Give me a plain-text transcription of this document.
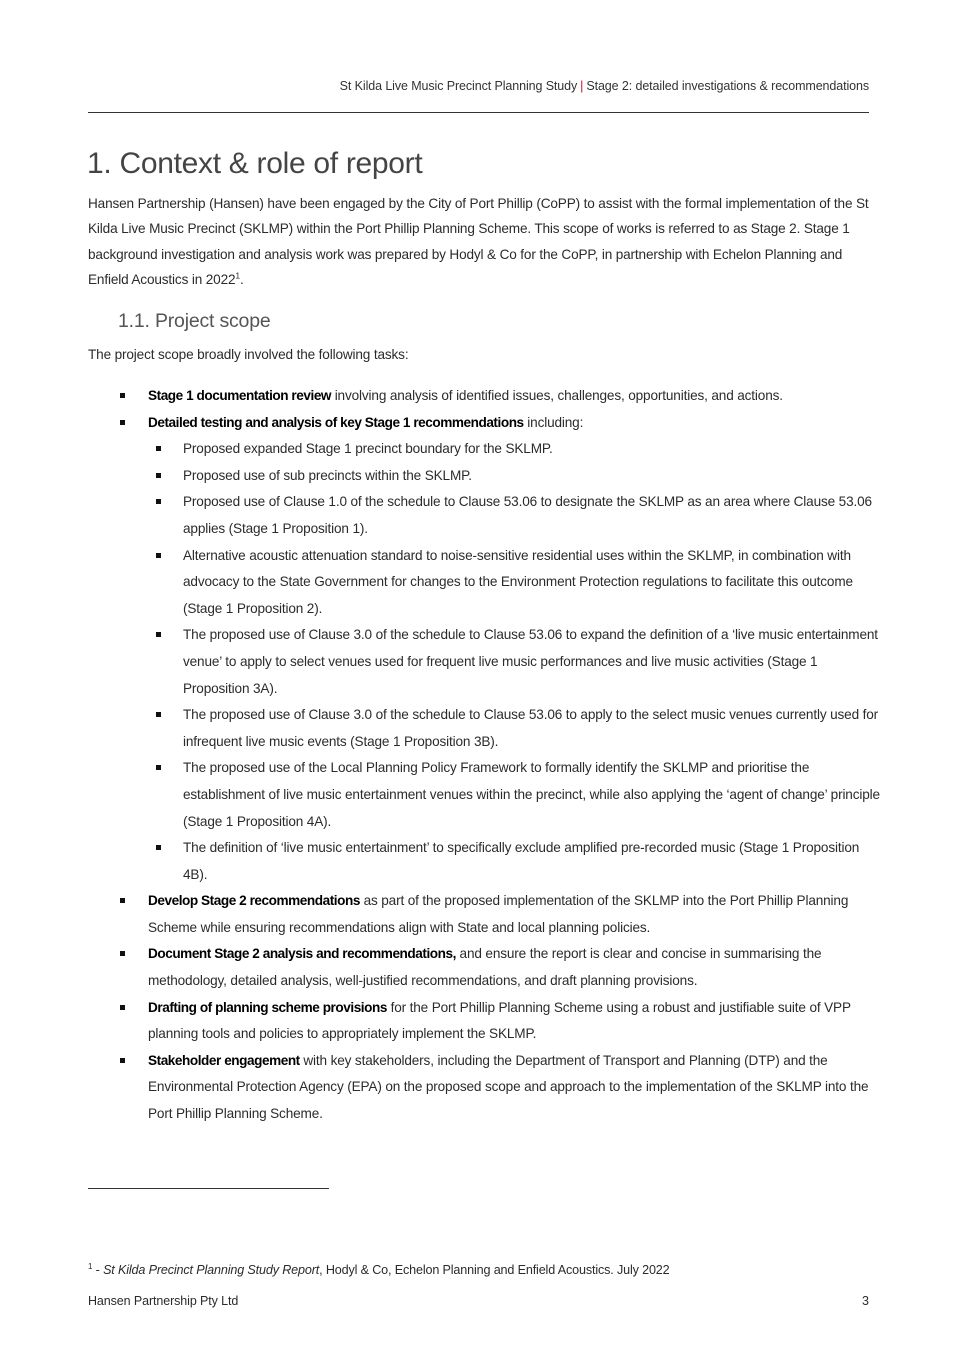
St Kilda Live Music Precinct Planning Study | Stage 2: detailed investigations & recommendations
1. Context & role of report

Hansen Partnership (Hansen) have been engaged by the City of Port Phillip (CoPP) to assist with the formal implementation of the St Kilda Live Music Precinct (SKLMP) within the Port Phillip Planning Scheme. This scope of works is referred to as Stage 2. Stage 1 background investigation and analysis work was prepared by Hodyl & Co for the CoPP, in partnership with Echelon Planning and Enfield Acoustics in 2022$^1$.

1.1. Project scope

The project scope broadly involved the following tasks:

Stage 1 documentation review involving analysis of identified issues, challenges, opportunities, and actions.
Detailed testing and analysis of key Stage 1 recommendations including:
Proposed expanded Stage 1 precinct boundary for the SKLMP.
Proposed use of sub precincts within the SKLMP.
Proposed use of Clause 1.0 of the schedule to Clause 53.06 to designate the SKLMP as an area where Clause 53.06 applies (Stage 1 Proposition 1).
Alternative acoustic attenuation standard to noise-sensitive residential uses within the SKLMP, in combination with advocacy to the State Government for changes to the Environment Protection regulations to facilitate this outcome (Stage 1 Proposition 2).
The proposed use of Clause 3.0 of the schedule to Clause 53.06 to expand the definition of a ‘live music entertainment venue’ to apply to select venues used for frequent live music performances and live music activities (Stage 1 Proposition 3A).
The proposed use of Clause 3.0 of the schedule to Clause 53.06 to apply to the select music venues currently used for infrequent live music events (Stage 1 Proposition 3B).
The proposed use of the Local Planning Policy Framework to formally identify the SKLMP and prioritise the establishment of live music entertainment venues within the precinct, while also applying the ‘agent of change’ principle (Stage 1 Proposition 4A).
The definition of ‘live music entertainment’ to specifically exclude amplified pre-recorded music (Stage 1 Proposition 4B).
Develop Stage 2 recommendations as part of the proposed implementation of the SKLMP into the Port Phillip Planning Scheme while ensuring recommendations align with State and local planning policies.
Document Stage 2 analysis and recommendations, and ensure the report is clear and concise in summarising the methodology, detailed analysis, well-justified recommendations, and draft planning provisions.
Drafting of planning scheme provisions for the Port Phillip Planning Scheme using a robust and justifiable suite of VPP planning tools and policies to appropriately implement the SKLMP.
Stakeholder engagement with key stakeholders, including the Department of Transport and Planning (DTP) and the Environmental Protection Agency (EPA) on the proposed scope and approach to the implementation of the SKLMP into the Port Phillip Planning Scheme.

$^1$ - St Kilda Precinct Planning Study Report, Hodyl & Co, Echelon Planning and Enfield Acoustics. July 2022

Hansen Partnership Pty Ltd	3
